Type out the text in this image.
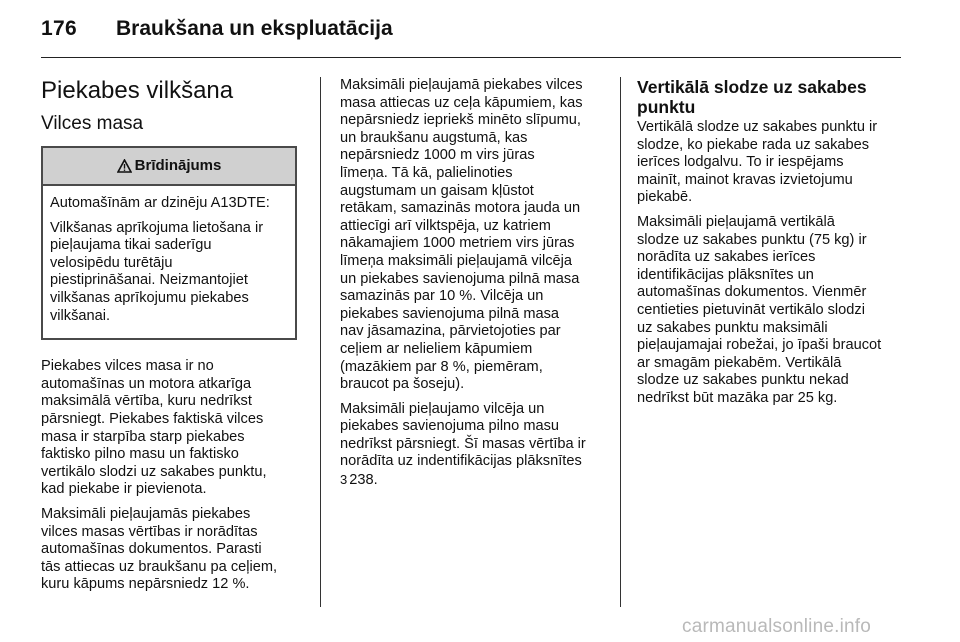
176 Braukšana un ekspluatācija
Piekabes vilkšana
Vilces masa
Brīdinājums

Automašīnām ar dzinēju A13DTE:

Vilkšanas aprīkojuma lietošana ir
pieļaujama tikai saderīgu
velosipēdu turētāju
piestiprināšanai. Neizmantojiet
vilkšanas aprīkojumu piekabes
vilkšanai.

Piekabes vilces masa ir no
automašīnas un motora atkarīga
maksimālā vērtība, kuru nedrīkst
pārsniegt. Piekabes faktiskā vilces
masa ir starpība starp piekabes
faktisko pilno masu un faktisko
vertikālo slodzi uz sakabes punktu,
kad piekabe ir pievienota.

Maksimāli pieļaujamās piekabes
vilces masas vērtības ir norādītas
automašīnas dokumentos. Parasti
tās attiecas uz braukšanu pa ceļiem,
kuru kāpums nepārsniedz 12 %.

Maksimāli pieļaujamā piekabes vilces
masa attiecas uz ceļa kāpumiem, kas
nepārsniedz iepriekš minēto slīpumu,
un braukšanu augstumā, kas
nepārsniedz 1000 m virs jūras
līmeņa. Tā kā, palielinoties
augstumam un gaisam kļūstot
retākam, samazinās motora jauda un
attiecīgi arī vilktspēja, uz katriem
nākamajiem 1000 metriem virs jūras
līmeņa maksimāli pieļaujamā vilcēja
un piekabes savienojuma pilnā masa
samazinās par 10 %. Vilcēja un
piekabes savienojuma pilnā masa
nav jāsamazina, pārvietojoties par
ceļiem ar nelieliem kāpumiem
(mazākiem par 8 %, piemēram,
braucot pa šoseju).

Maksimāli pieļaujamo vilcēja un
piekabes savienojuma pilno masu
nedrīkst pārsniegt. Šī masas vērtība ir
norādīta uz indentifikācijas plāksnītes
3 238.

Vertikālā slodze uz sakabes
punktu

Vertikālā slodze uz sakabes punktu ir
slodze, ko piekabe rada uz sakabes
ierīces lodgalvu. To ir iespējams
mainīt, mainot kravas izvietojumu
piekabē.

Maksimāli pieļaujamā vertikālā
slodze uz sakabes punktu (75 kg) ir
norādīta uz sakabes ierīces
identifikācijas plāksnītes un
automašīnas dokumentos. Vienmēr
centieties pietuvināt vertikālo slodzi
uz sakabes punktu maksimāli
pieļaujamajai robežai, jo īpaši braucot
ar smagām piekabēm. Vertikālā
slodze uz sakabes punktu nekad
nedrīkst būt mazāka par 25 kg.

carmanualsonline.info
